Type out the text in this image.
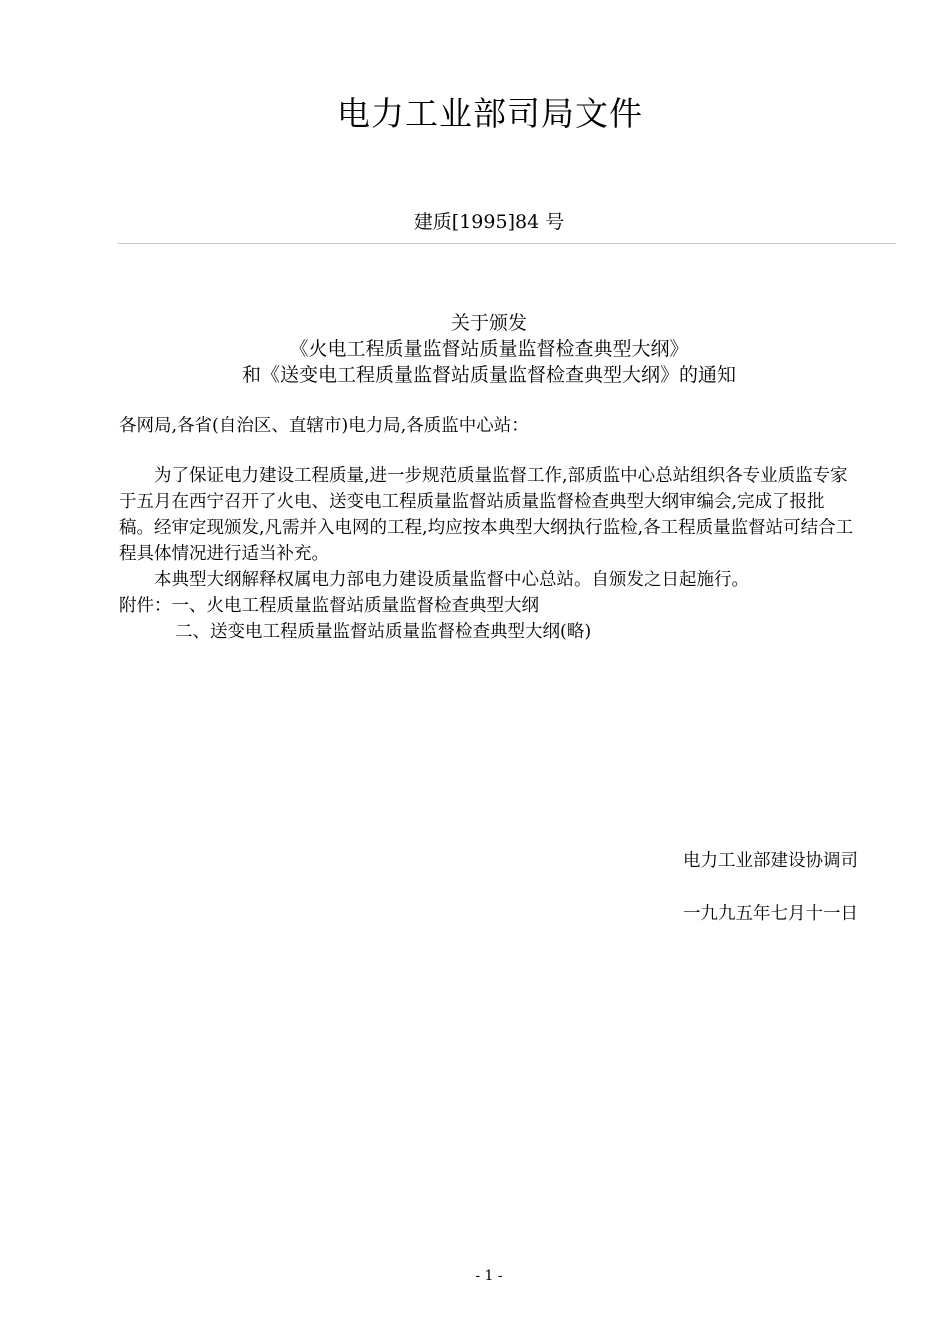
电力工业部司局文件
建质[1995]84 号
关于颁发
《火电工程质量监督站质量监督检查典型大纲》
和《送变电工程质量监督站质量监督检查典型大纲》的通知
各网局,各省(自治区、直辖市)电力局,各质监中心站：
为了保证电力建设工程质量,进一步规范质量监督工作,部质监中心总站组织各专业质监专家于五月在西宁召开了火电、送变电工程质量监督站质量监督检查典型大纲审编会,完成了报批稿。经审定现颁发,凡需并入电网的工程,均应按本典型大纲执行监检,各工程质量监督站可结合工程具体情况进行适当补充。
本典型大纲解释权属电力部电力建设质量监督中心总站。自颁发之日起施行。
附件：一、火电工程质量监督站质量监督检查典型大纲
二、送变电工程质量监督站质量监督检查典型大纲(略)
电力工业部建设协调司
一九九五年七月十一日
- 1 -
